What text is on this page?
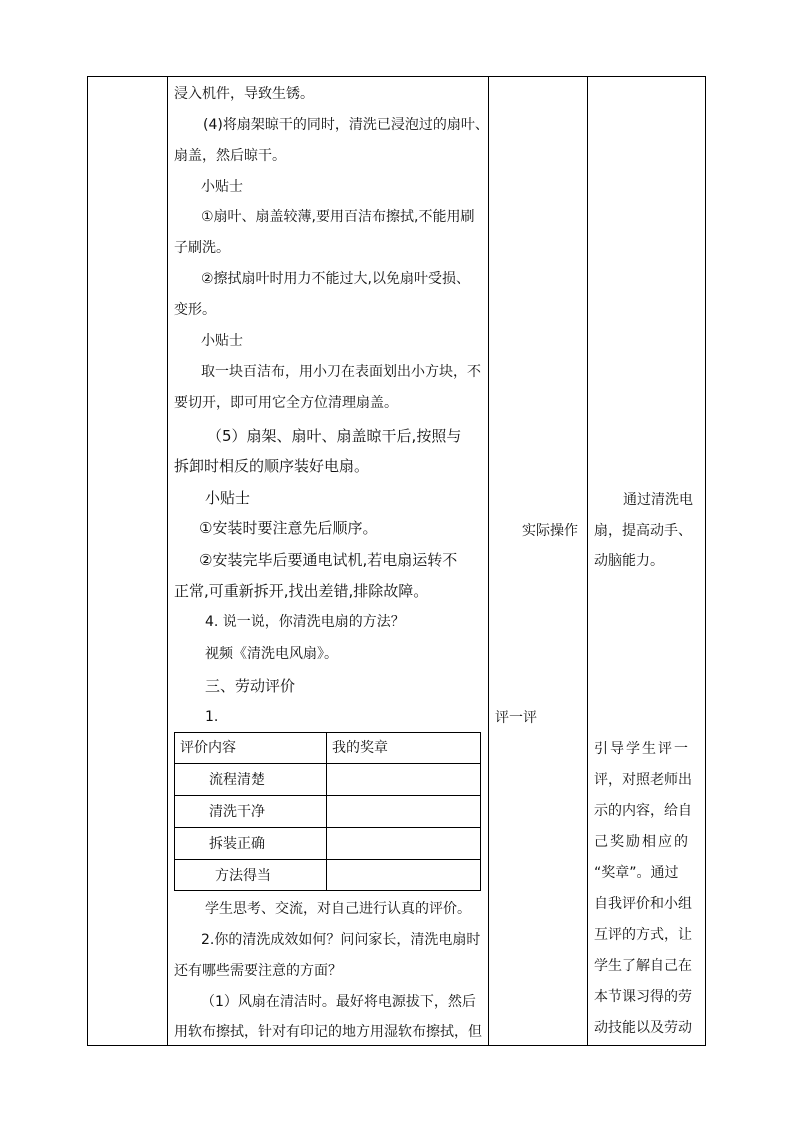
浸入机件，导致生锈。
(4)将扇架晾干的同时，清洗已浸泡过的扇叶、
扇盖，然后晾干。
小贴士
①扇叶、扇盖较薄,要用百洁布擦拭,不能用刷
子刷洗。
②擦拭扇叶时用力不能过大,以免扇叶受损、
变形。
小贴士
取一块百洁布，用小刀在表面划出小方块，不
要切开，即可用它全方位清理扇盖。
（5）扇架、扇叶、扇盖晾干后,按照与
拆卸时相反的顺序装好电扇。
小贴士
①安装时要注意先后顺序。
②安装完毕后要通电试机,若电扇运转不
正常,可重新拆开,找出差错,排除故障。
4. 说一说，你清洗电扇的方法？
视频《清洗电风扇》。
三、劳动评价
1.
评价内容	我的奖章
流程清楚
清洗干净
拆装正确
方法得当
学生思考、交流，对自己进行认真的评价。
2.你的清洗成效如何？问问家长，清洗电扇时
还有哪些需要注意的方面？
（1）风扇在清洁时。最好将电源拔下，然后
用软布擦拭，针对有印记的地方用湿软布擦拭，但
实际操作
评一评
通过清洗电
扇，提高动手、
动脑能力。
引导学生评一
评，对照老师出
示的内容，给自
己奖励相应的
“奖章”。通过
自我评价和小组
互评的方式，让
学生了解自己在
本节课习得的劳
动技能以及劳动
